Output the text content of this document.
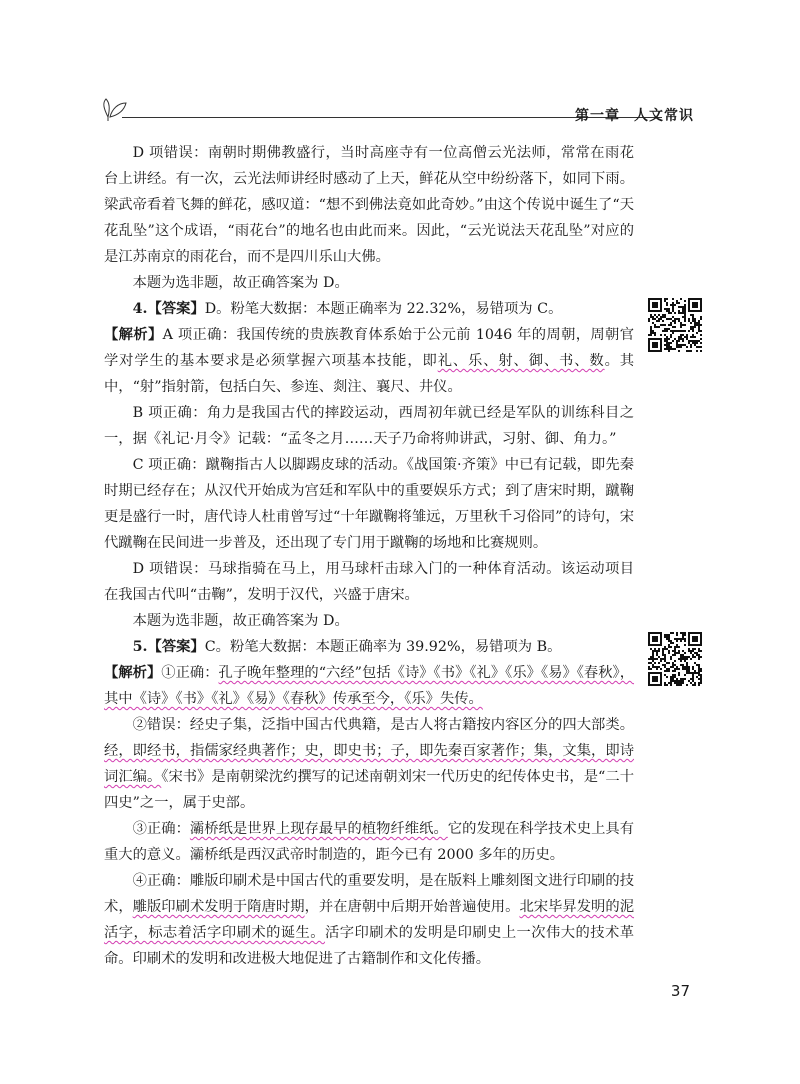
第一章 人文常识

D 项错误：南朝时期佛教盛行，当时高座寺有一位高僧云光法师，常常在雨花台上讲经。有一次，云光法师讲经时感动了上天，鲜花从空中纷纷落下，如同下雨。梁武帝看着飞舞的鲜花，感叹道：“想不到佛法竟如此奇妙。”由这个传说中诞生了“天花乱坠”这个成语，“雨花台”的地名也由此而来。因此，“云光说法天花乱坠”对应的是江苏南京的雨花台，而不是四川乐山大佛。

本题为选非题，故正确答案为 D。

4.【答案】D。粉笔大数据：本题正确率为 22.32%，易错项为 C。

【解析】A 项正确：我国传统的贵族教育体系始于公元前 1046 年的周朝，周朝官学对学生的基本要求是必须掌握六项基本技能，即礼、乐、射、御、书、数。其中，“射”指射箭，包括白矢、参连、剡注、襄尺、井仪。

B 项正确：角力是我国古代的摔跤运动，西周初年就已经是军队的训练科目之一，据《礼记·月令》记载：“孟冬之月……天子乃命将帅讲武，习射、御、角力。”

C 项正确：蹴鞠指古人以脚踢皮球的活动。《战国策·齐策》中已有记载，即先秦时期已经存在；从汉代开始成为宫廷和军队中的重要娱乐方式；到了唐宋时期，蹴鞠更是盛行一时，唐代诗人杜甫曾写过“十年蹴鞠将雏远，万里秋千习俗同”的诗句，宋代蹴鞠在民间进一步普及，还出现了专门用于蹴鞠的场地和比赛规则。

D 项错误：马球指骑在马上，用马球杆击球入门的一种体育活动。该运动项目在我国古代叫“击鞠”，发明于汉代，兴盛于唐宋。

本题为选非题，故正确答案为 D。

5.【答案】C。粉笔大数据：本题正确率为 39.92%，易错项为 B。

【解析】①正确：孔子晚年整理的“六经”包括《诗》《书》《礼》《乐》《易》《春秋》，其中《诗》《书》《礼》《易》《春秋》传承至今，《乐》失传。

②错误：经史子集，泛指中国古代典籍，是古人将古籍按内容区分的四大部类。经，即经书，指儒家经典著作；史，即史书；子，即先秦百家著作；集，文集，即诗词汇编。《宋书》是南朝梁沈约撰写的记述南朝刘宋一代历史的纪传体史书，是“二十四史”之一，属于史部。

③正确：灞桥纸是世界上现存最早的植物纤维纸。它的发现在科学技术史上具有重大的意义。灞桥纸是西汉武帝时制造的，距今已有 2000 多年的历史。

④正确：雕版印刷术是中国古代的重要发明，是在版料上雕刻图文进行印刷的技术，雕版印刷术发明于隋唐时期，并在唐朝中后期开始普遍使用。北宋毕昇发明的泥活字，标志着活字印刷术的诞生。活字印刷术的发明是印刷史上一次伟大的技术革命。印刷术的发明和改进极大地促进了古籍制作和文化传播。

37
